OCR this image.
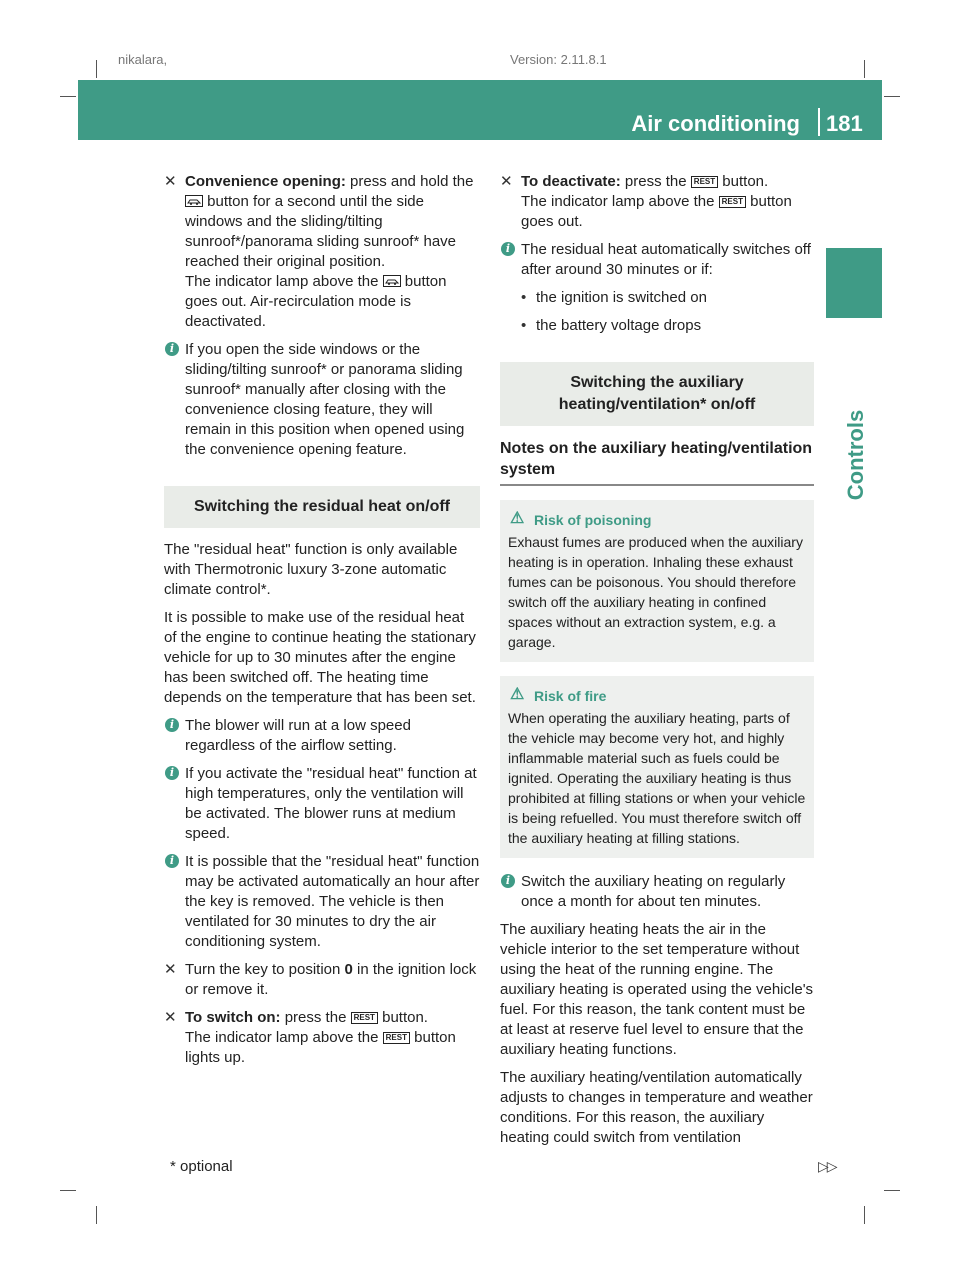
nikalara,	Version: 2.11.8.1
Air conditioning 181
Controls
✕ Convenience opening: press and hold the  button for a second until the side windows and the sliding/tilting sunroof*/panorama sliding sunroof* have reached their original position.
The indicator lamp above the  button goes out. Air-recirculation mode is deactivated.
i If you open the side windows or the sliding/tilting sunroof* or panorama sliding sunroof* manually after closing with the convenience closing feature, they will remain in this position when opened using the convenience opening feature.
Switching the residual heat on/off

The "residual heat" function is only available with Thermotronic luxury 3-zone automatic climate control*.

It is possible to make use of the residual heat of the engine to continue heating the stationary vehicle for up to 30 minutes after the engine has been switched off. The heating time depends on the temperature that has been set.

i The blower will run at a low speed regardless of the airflow setting.
i If you activate the "residual heat" function at high temperatures, only the ventilation will be activated. The blower runs at medium speed.
i It is possible that the "residual heat" function may be activated automatically an hour after the key is removed. The vehicle is then ventilated for 30 minutes to dry the air conditioning system.
✕ Turn the key to position 0 in the ignition lock or remove it.
✕ To switch on: press the REST button.
The indicator lamp above the REST button lights up.
✕ To deactivate: press the REST button.
The indicator lamp above the REST button goes out.
i The residual heat automatically switches off after around 30 minutes or if:
• the ignition is switched on
• the battery voltage drops
Switching the auxiliary heating/ventilation* on/off
Notes on the auxiliary heating/ventilation system
⚠ Risk of poisoning
Exhaust fumes are produced when the auxiliary heating is in operation. Inhaling these exhaust fumes can be poisonous. You should therefore switch off the auxiliary heating in confined spaces without an extraction system, e.g. a garage.
⚠ Risk of fire
When operating the auxiliary heating, parts of the vehicle may become very hot, and highly inflammable material such as fuels could be ignited. Operating the auxiliary heating is thus prohibited at filling stations or when your vehicle is being refuelled. You must therefore switch off the auxiliary heating at filling stations.
i Switch the auxiliary heating on regularly once a month for about ten minutes.

The auxiliary heating heats the air in the vehicle interior to the set temperature without using the heat of the running engine. The auxiliary heating is operated using the vehicle's fuel. For this reason, the tank content must be at least at reserve fuel level to ensure that the auxiliary heating functions.

The auxiliary heating/ventilation automatically adjusts to changes in temperature and weather conditions. For this reason, the auxiliary heating could switch from ventilation

* optional	▷▷
